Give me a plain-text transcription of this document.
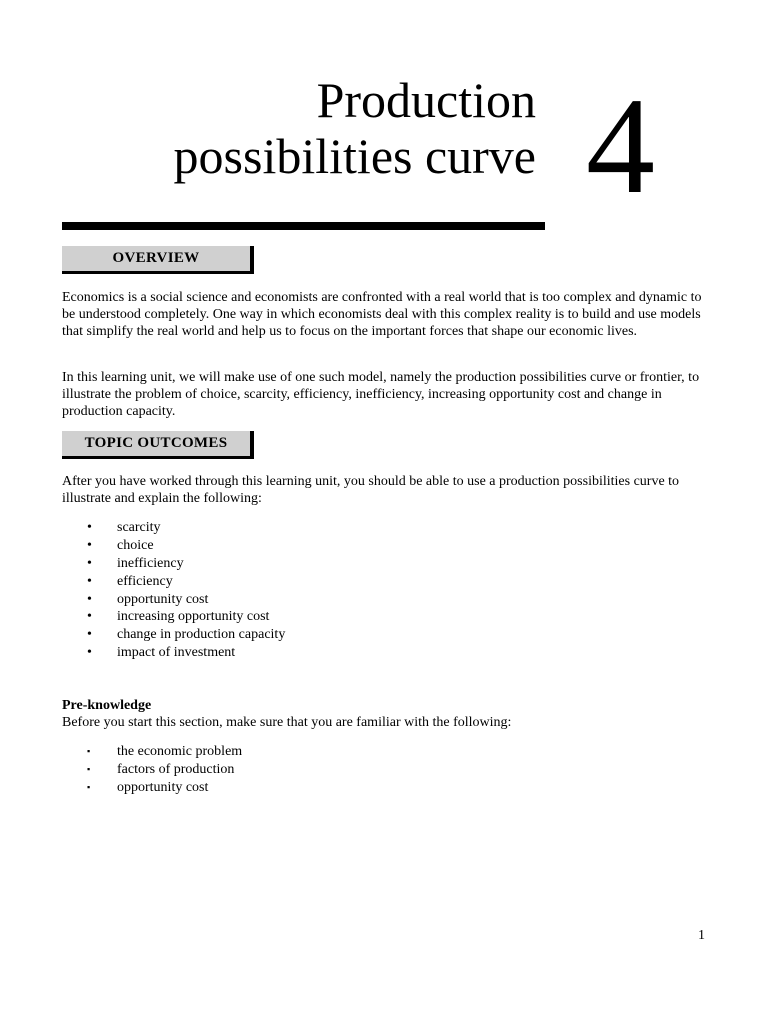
Production
possibilities curve 4
OVERVIEW

Economics is a social science and economists are confronted with a real world that is too complex and dynamic to be understood completely. One way in which economists deal with this complex reality is to build and use models that simplify the real world and help us to focus on the important forces that shape our economic lives.

In this learning unit, we will make use of one such model, namely the production possibilities curve or frontier, to illustrate the problem of choice, scarcity, efficiency, inefficiency, increasing opportunity cost and change in production capacity.

TOPIC OUTCOMES

After you have worked through this learning unit, you should be able to use a production possibilities curve to illustrate and explain the following:

• scarcity
• choice
• inefficiency
• efficiency
• opportunity cost
• increasing opportunity cost
• change in production capacity
• impact of investment
Pre-knowledge
Before you start this section, make sure that you are familiar with the following:
▪ the economic problem
▪ factors of production
▪ opportunity cost
1
